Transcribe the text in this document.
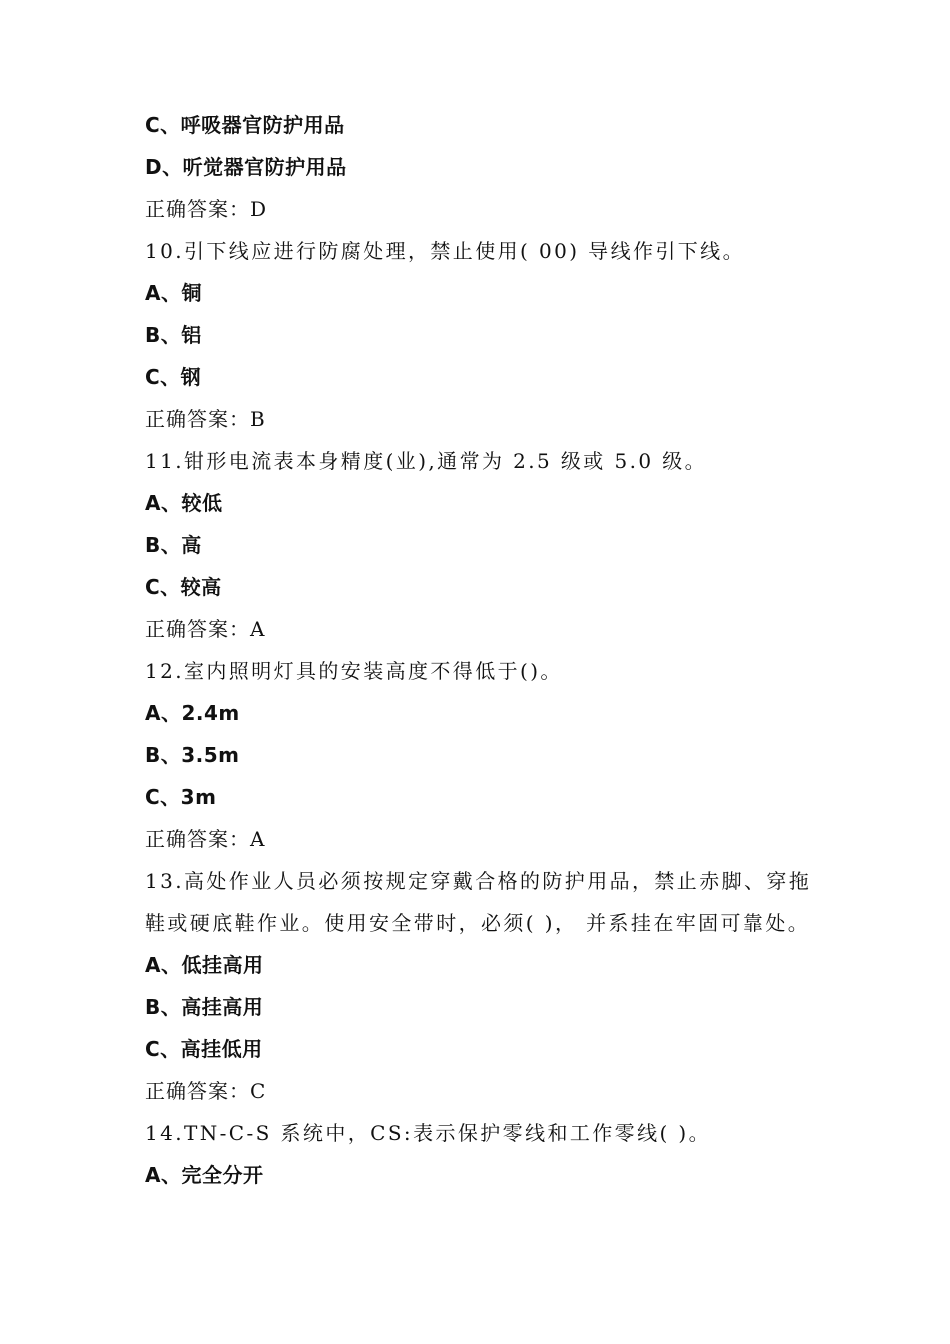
C、呼吸器官防护用品
D、听觉器官防护用品
正确答案：D
10.引下线应进行防腐处理，禁止使用( 00) 导线作引下线。
A、铜
B、铝
C、钢
正确答案：B
11.钳形电流表本身精度(业),通常为 2.5 级或 5.0 级。
A、较低
B、高
C、较高
正确答案：A
12.室内照明灯具的安装高度不得低于()。
A、2.4m
B、3.5m
C、3m
正确答案：A
13.高处作业人员必须按规定穿戴合格的防护用品，禁止赤脚、穿拖
鞋或硬底鞋作业。使用安全带时，必须( )， 并系挂在牢固可靠处。
A、低挂高用
B、高挂高用
C、高挂低用
正确答案：C
14.TN-C-S 系统中，CS:表示保护零线和工作零线( )。
A、完全分开
